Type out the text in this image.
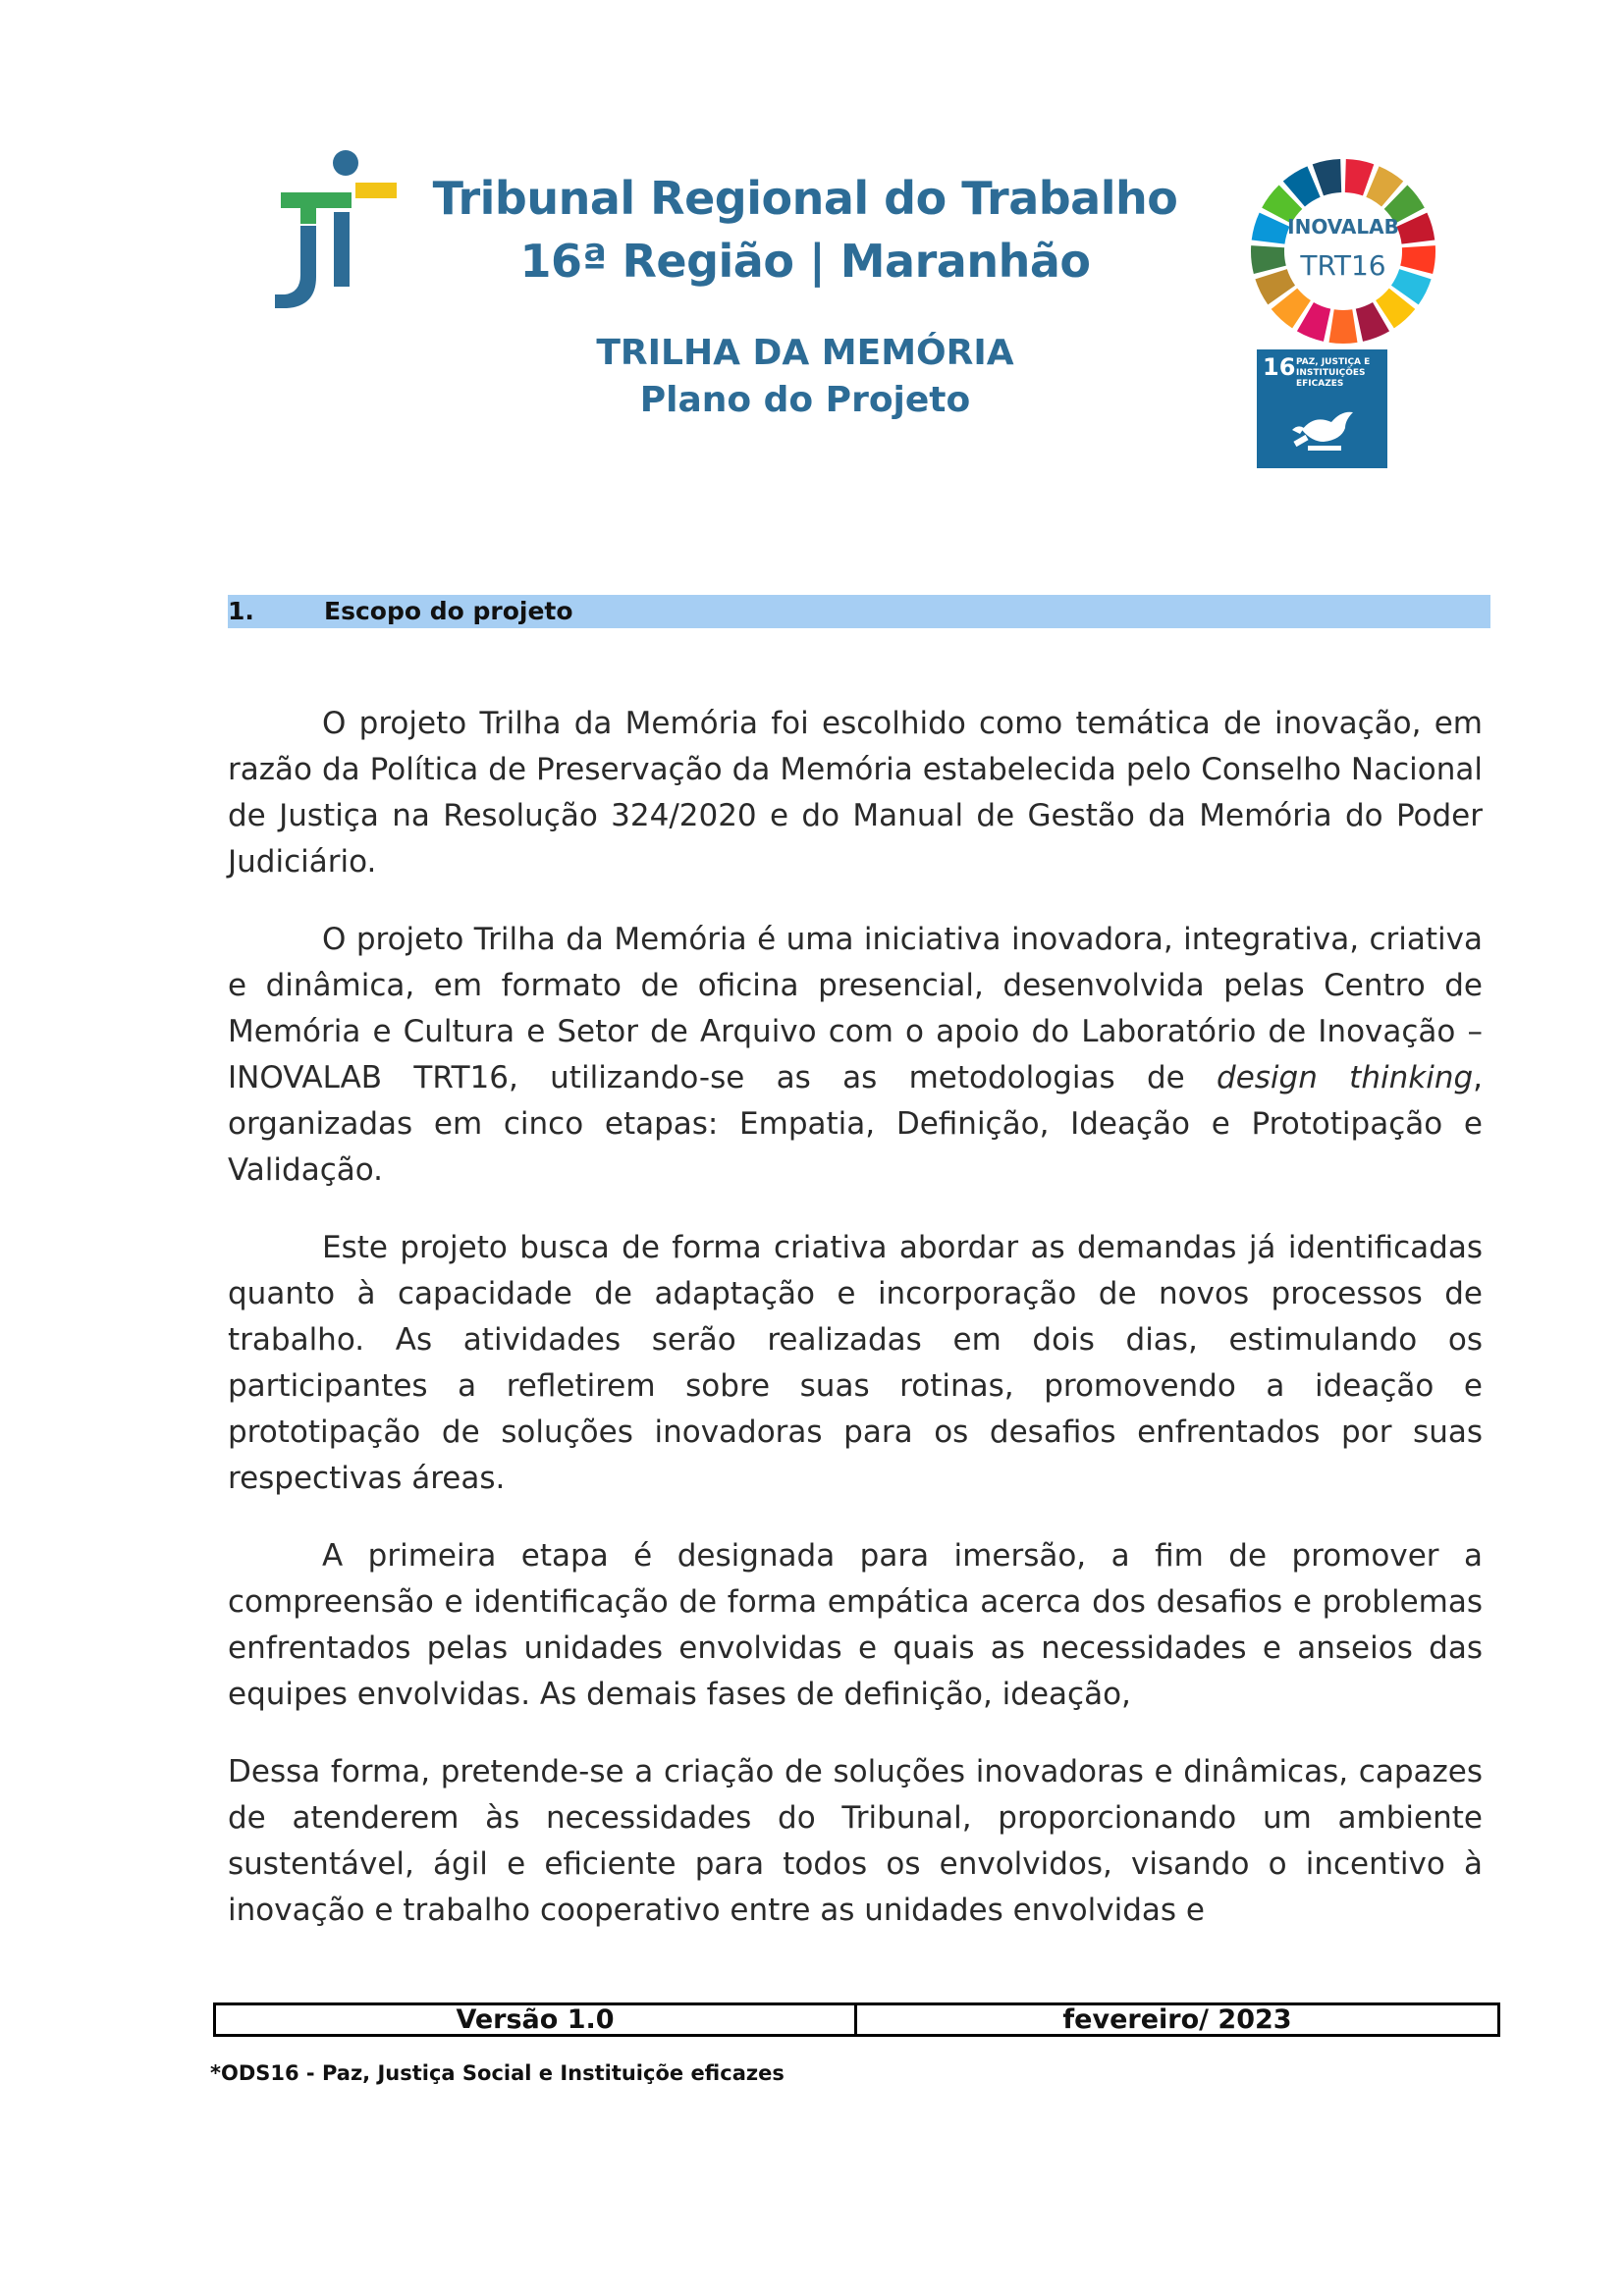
Tribunal Regional do Trabalho
16ª Região | Maranhão
TRILHA DA MEMÓRIA
Plano do Projeto
INOVALAB
TRT16
16 PAZ, JUSTIÇA E
INSTITUIÇÕES
EFICAZES
1.	Escopo do projeto

O projeto Trilha da Memória foi escolhido como temática de inovação, em razão da Política de Preservação da Memória estabelecida pelo Conselho Nacional de Justiça na Resolução 324/2020 e do Manual de Gestão da Memória do Poder Judiciário.

O projeto Trilha da Memória é uma iniciativa inovadora, integrativa, criativa e dinâmica, em formato de oficina presencial, desenvolvida pelas Centro de Memória e Cultura e Setor de Arquivo com o apoio do Laboratório de Inovação –INOVALAB TRT16, utilizando-se as as metodologias de design thinking, organizadas em cinco etapas: Empatia, Definição, Ideação e Prototipação e Validação.

Este projeto busca de forma criativa abordar as demandas já identificadas quanto à capacidade de adaptação e incorporação de novos processos de trabalho. As atividades serão realizadas em dois dias, estimulando os participantes a refletirem sobre suas rotinas, promovendo a ideação e prototipação de soluções inovadoras para os desafios enfrentados por suas respectivas áreas.

A primeira etapa é designada para imersão, a fim de promover a compreensão e identificação de forma empática acerca dos desafios e problemas enfrentados pelas unidades envolvidas e quais as necessidades e anseios das equipes envolvidas. As demais fases de definição, ideação,

Dessa forma, pretende-se a criação de soluções inovadoras e dinâmicas, capazes de atenderem às necessidades do Tribunal, proporcionando um ambiente sustentável, ágil e eficiente para todos os envolvidos, visando o incentivo à inovação e trabalho cooperativo entre as unidades envolvidas e

Versão 1.0	fevereiro/ 2023
*ODS16 - Paz, Justiça Social e Instituiçõe eficazes
